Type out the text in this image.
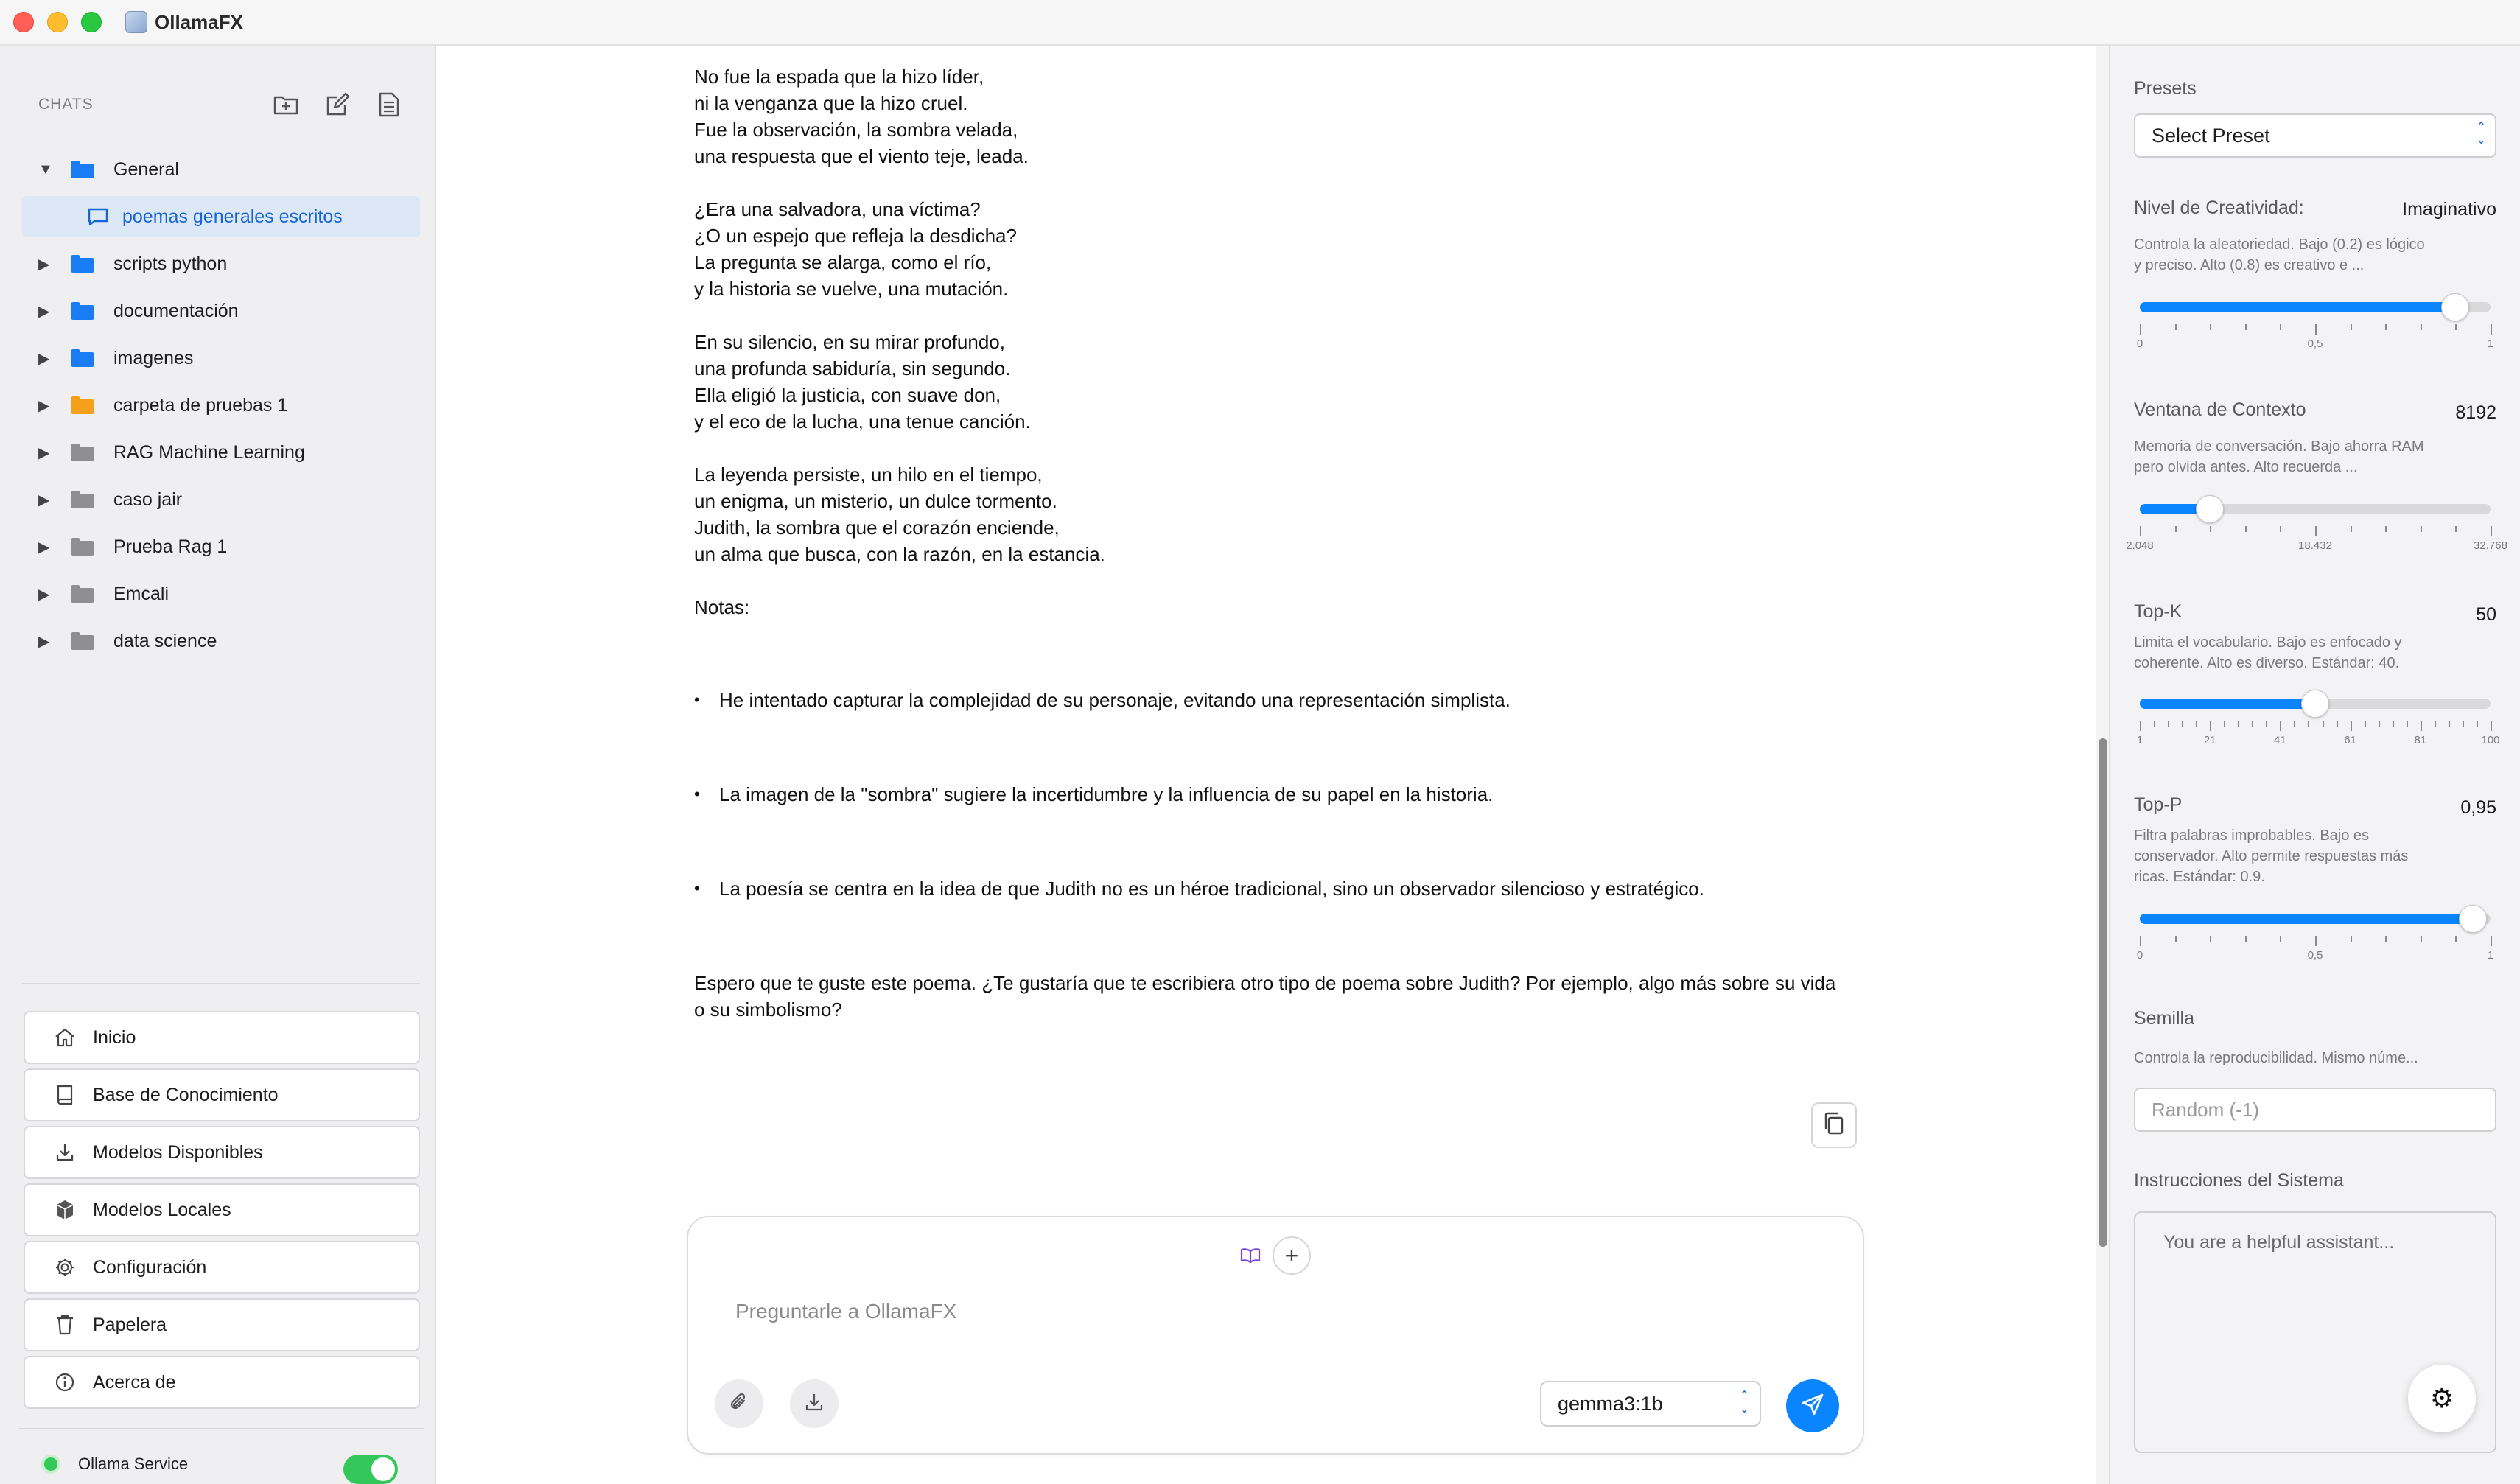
OllamaFX
CHATS
▼	General
poemas generales escritos
▶	scripts python
▶	documentación
▶	imagenes
▶	carpeta de pruebas 1
▶	RAG Machine Learning
▶	caso jair
▶	Prueba Rag 1
▶	Emcali
▶	data science
Inicio
Base de Conocimiento
Modelos Disponibles
Modelos Locales
Configuración
Papelera
Acerca de
Ollama Service
No fue la espada que la hizo líder,
ni la venganza que la hizo cruel.
Fue la observación, la sombra velada,
una respuesta que el viento teje, leada.
¿Era una salvadora, una víctima?
¿O un espejo que refleja la desdicha?
La pregunta se alarga, como el río,
y la historia se vuelve, una mutación.
En su silencio, en su mirar profundo,
una profunda sabiduría, sin segundo.
Ella eligió la justicia, con suave don,
y el eco de la lucha, una tenue canción.
La leyenda persiste, un hilo en el tiempo,
un enigma, un misterio, un dulce tormento.
Judith, la sombra que el corazón enciende,
un alma que busca, con la razón, en la estancia.
Notas:
•	He intentado capturar la complejidad de su personaje, evitando una representación simplista.
•	La imagen de la "sombra" sugiere la incertidumbre y la influencia de su papel en la historia.
•	La poesía se centra en la idea de que Judith no es un héroe tradicional, sino un observador silencioso y estratégico.
Espero que te guste este poema. ¿Te gustaría que te escribiera otro tipo de poema sobre Judith? Por ejemplo, algo más sobre su vida o su simbolismo?
+
Preguntarle a OllamaFX
gemma3:1b	⌃
⌄
Presets
Select Preset	⌃
⌄
Nivel de Creatividad:	Imaginativo
Controla la aleatoriedad. Bajo (0.2) es lógico y preciso. Alto (0.8) es creativo e ...
0	0,5	1
Ventana de Contexto	8192
Memoria de conversación. Bajo ahorra RAM pero olvida antes. Alto recuerda ...
2.048	18.432	32.768
Top-K	50
Limita el vocabulario. Bajo es enfocado y coherente. Alto es diverso. Estándar: 40.
1	21	41	61	81	100
Top-P	0,95
Filtra palabras improbables. Bajo es conservador. Alto permite respuestas más ricas. Estándar: 0.9.
0	0,5	1
Semilla
Controla la reproducibilidad. Mismo núme...
Random (-1)
Instrucciones del Sistema
You are a helpful assistant...
⚙
